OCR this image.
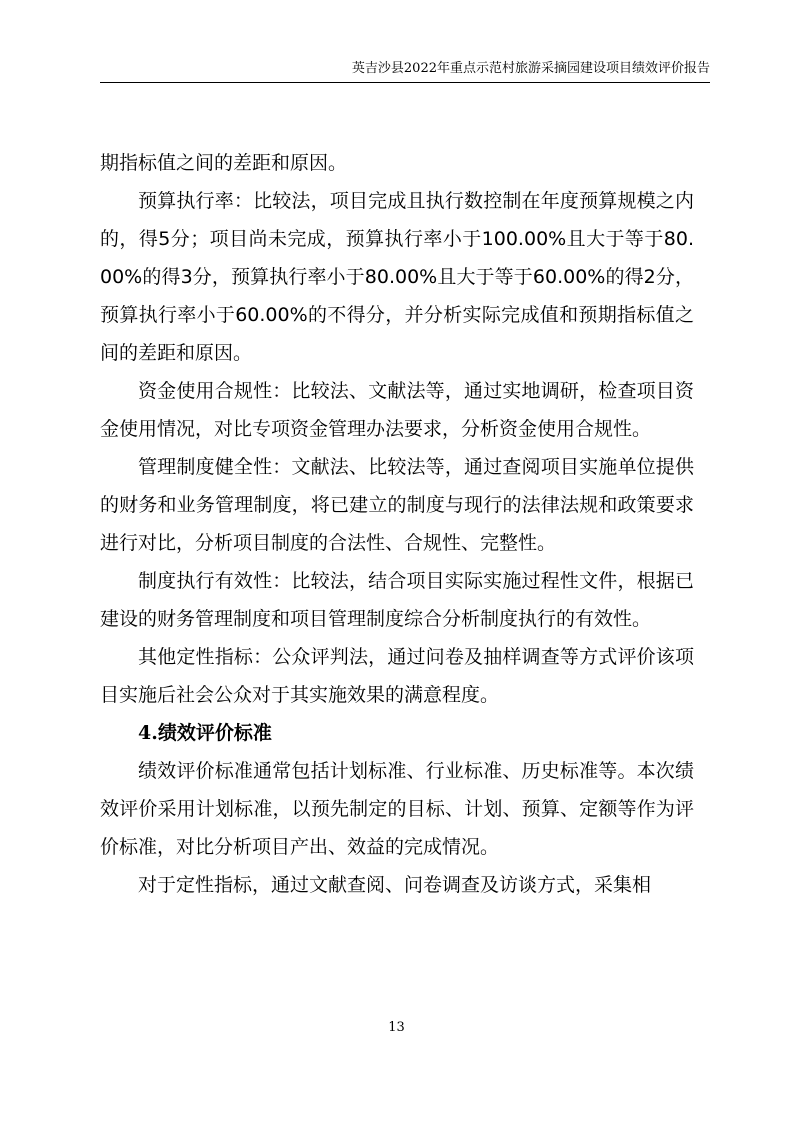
英吉沙县2022年重点示范村旅游采摘园建设项目绩效评价报告

期指标值之间的差距和原因。

预算执行率：比较法，项目完成且执行数控制在年度预算规模之内的，得5分；项目尚未完成，预算执行率小于100.00%且大于等于80.00%的得3分，预算执行率小于80.00%且大于等于60.00%的得2分，预算执行率小于60.00%的不得分，并分析实际完成值和预期指标值之间的差距和原因。

资金使用合规性：比较法、文献法等，通过实地调研，检查项目资金使用情况，对比专项资金管理办法要求，分析资金使用合规性。

管理制度健全性：文献法、比较法等，通过查阅项目实施单位提供的财务和业务管理制度，将已建立的制度与现行的法律法规和政策要求进行对比，分析项目制度的合法性、合规性、完整性。

制度执行有效性：比较法，结合项目实际实施过程性文件，根据已建设的财务管理制度和项目管理制度综合分析制度执行的有效性。

其他定性指标：公众评判法，通过问卷及抽样调查等方式评价该项目实施后社会公众对于其实施效果的满意程度。

4.绩效评价标准

绩效评价标准通常包括计划标准、行业标准、历史标准等。本次绩效评价采用计划标准，以预先制定的目标、计划、预算、定额等作为评价标准，对比分析项目产出、效益的完成情况。

对于定性指标，通过文献查阅、问卷调查及访谈方式，采集相

13
